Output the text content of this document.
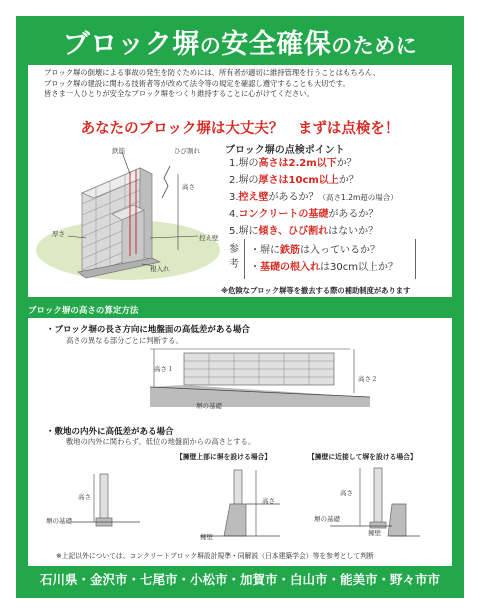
ブロック塀の安全確保のために
ブロック塀の倒壊による事故の発生を防ぐためには、所有者が適切に維持管理を行うことはもちろん、
ブロック塀の建設に関わる技術者等が改めて法令等の規定を確認し遵守することも大切です。
皆さま一人ひとりが安全なブロック塀をつくり維持することに心がけてください。
あなたのブロック塀は大丈夫？　まずは点検を！
鉄筋	ひび割れ
高さ
厚さ	控え壁
根入れ
ブロック塀の点検ポイント
1.塀の高さは2.2m以下か？
2.塀の厚さは10cm以上か？
3.控え壁があるか？（高さ1.2m超の場合）
4.コンクリートの基礎があるか？
5.塀に傾き、ひび割れはないか？
参考
・塀に鉄筋は入っているか？
・基礎の根入れは30cm以上か？
※危険なブロック塀等を撤去する際の補助制度があります
ブロック塀の高さの算定方法
・ブロック塀の長さ方向に地盤面の高低差がある場合
高さの異なる部分ごとに判断する。
高さ１
高さ２
塀の基礎
・敷地の内外に高低差がある場合
敷地の内外に関わらず、低位の地盤面からの高さとする。
【擁壁上部に塀を設ける場合】	【擁壁に近接して塀を設ける場合】
高さ
塀の基礎
高さ
擁壁
高さ
塀の基礎
擁壁
※上記以外については、コンクリートブロック塀設計規準・同解説（日本建築学会）等を参考として判断
石川県・金沢市・七尾市・小松市・加賀市・白山市・能美市・野々市市
